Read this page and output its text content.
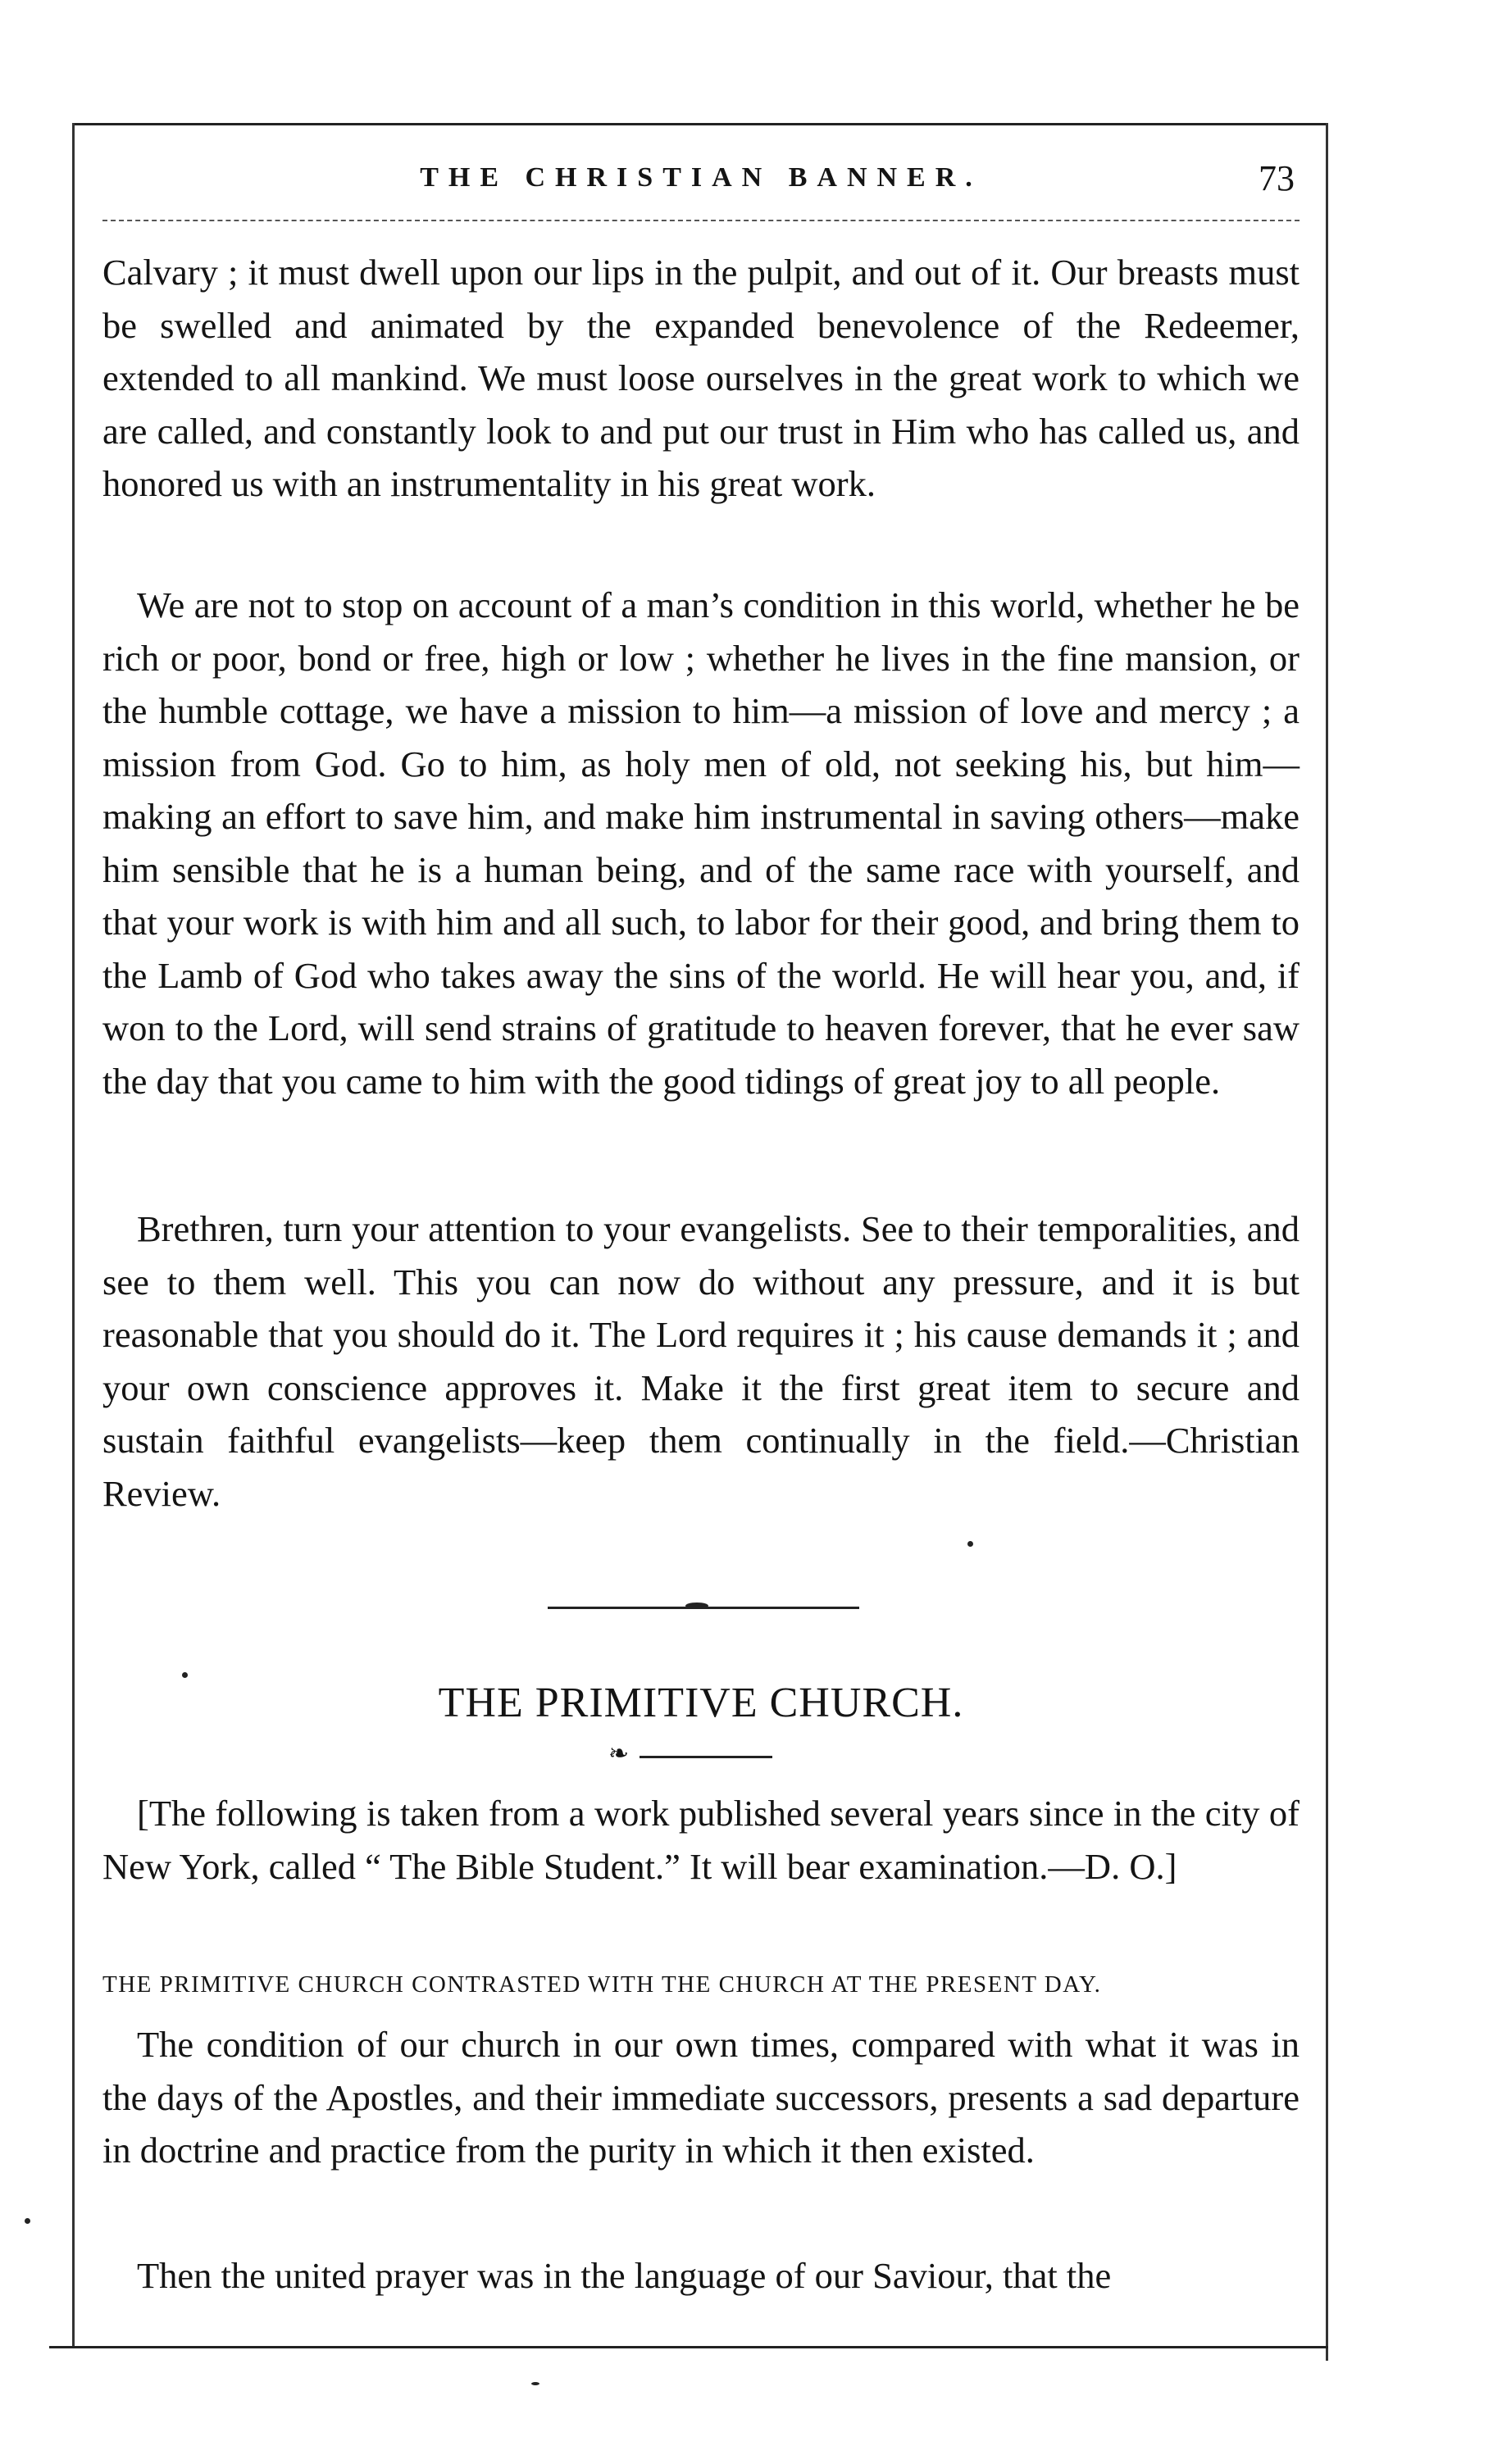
THE CHRISTIAN BANNER.	73

Calvary ; it must dwell upon our lips in the pulpit, and out of it. Our breasts must be swelled and animated by the expanded benevolence of the Redeemer, extended to all mankind. We must loose ourselves in the great work to which we are called, and constantly look to and put our trust in Him who has called us, and honored us with an instrumentality in his great work.

We are not to stop on account of a man’s condition in this world, whether he be rich or poor, bond or free, high or low ; whether he lives in the fine mansion, or the humble cottage, we have a mission to him—a mission of love and mercy ; a mission from God. Go to him, as holy men of old, not seeking his, but him—making an effort to save him, and make him instrumental in saving others—make him sensible that he is a human being, and of the same race with yourself, and that your work is with him and all such, to labor for their good, and bring them to the Lamb of God who takes away the sins of the world. He will hear you, and, if won to the Lord, will send strains of gratitude to heaven forever, that he ever saw the day that you came to him with the good tidings of great joy to all people.

Brethren, turn your attention to your evangelists. See to their temporalities, and see to them well. This you can now do without any pressure, and it is but reasonable that you should do it. The Lord requires it ; his cause demands it ; and your own conscience approves it. Make it the first great item to secure and sustain faithful evangelists—keep them continually in the field.—Christian Review.

THE PRIMITIVE CHURCH.
❧

[The following is taken from a work published several years since in the city of New York, called “ The Bible Student.” It will bear examination.—D. O.]

THE PRIMITIVE CHURCH CONTRASTED WITH THE CHURCH AT THE PRESENT DAY.

The condition of our church in our own times, compared with what it was in the days of the Apostles, and their immediate successors, presents a sad departure in doctrine and practice from the purity in which it then existed.

Then the united prayer was in the language of our Saviour, that the
